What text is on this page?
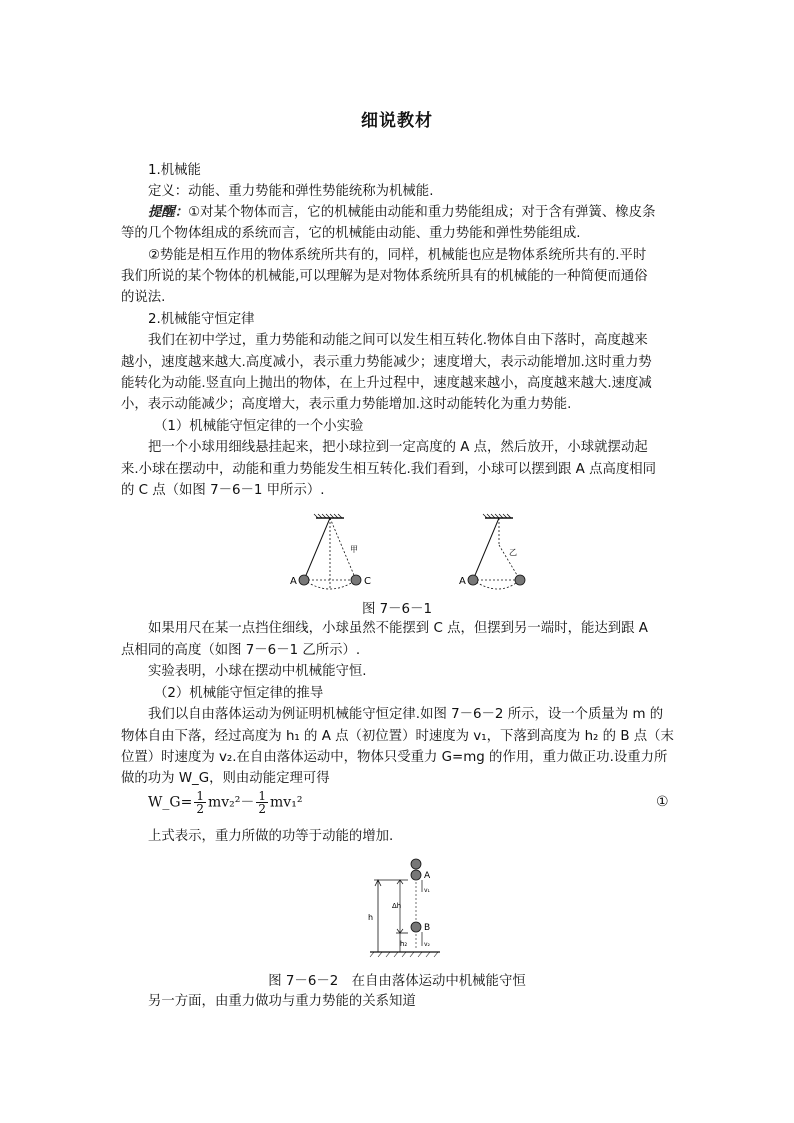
细说教材
1.机械能
定义：动能、重力势能和弹性势能统称为机械能.
提醒：①对某个物体而言，它的机械能由动能和重力势能组成；对于含有弹簧、橡皮条
等的几个物体组成的系统而言，它的机械能由动能、重力势能和弹性势能组成.
②势能是相互作用的物体系统所共有的，同样，机械能也应是物体系统所共有的.平时
我们所说的某个物体的机械能,可以理解为是对物体系统所具有的机械能的一种简便而通俗
的说法.
2.机械能守恒定律
我们在初中学过，重力势能和动能之间可以发生相互转化.物体自由下落时，高度越来
越小，速度越来越大.高度减小，表示重力势能减少；速度增大，表示动能增加.这时重力势
能转化为动能.竖直向上抛出的物体，在上升过程中，速度越来越小，高度越来越大.速度减
小，表示动能减少；高度增大，表示重力势能增加.这时动能转化为重力势能.
（1）机械能守恒定律的一个小实验
把一个小球用细线悬挂起来，把小球拉到一定高度的 A 点，然后放开，小球就摆动起
来.小球在摆动中，动能和重力势能发生相互转化.我们看到，小球可以摆到跟 A 点高度相同
的 C 点（如图 7－6－1 甲所示）.
A	C
甲
A
乙
图 7－6－1
如果用尺在某一点挡住细线，小球虽然不能摆到 C 点，但摆到另一端时，能达到跟 A
点相同的高度（如图 7－6－1 乙所示）.
实验表明，小球在摆动中机械能守恒.
（2）机械能守恒定律的推导
我们以自由落体运动为例证明机械能守恒定律.如图 7－6－2 所示，设一个质量为 m 的
物体自由下落，经过高度为 h₁ 的 A 点（初位置）时速度为 v₁，下落到高度为 h₂ 的 B 点（末
位置）时速度为 v₂.在自由落体运动中，物体只受重力 G=mg 的作用，重力做正功.设重力所
做的功为 W_G，则由动能定理可得
W_G= $\frac{1}{2} mv_2^2- \frac{1}{2} mv_1^2$	①
上式表示，重力所做的功等于动能的增加.
A
B
h
Δh
h₂
v₁
v₂
图 7－6－2　在自由落体运动中机械能守恒
另一方面，由重力做功与重力势能的关系知道
